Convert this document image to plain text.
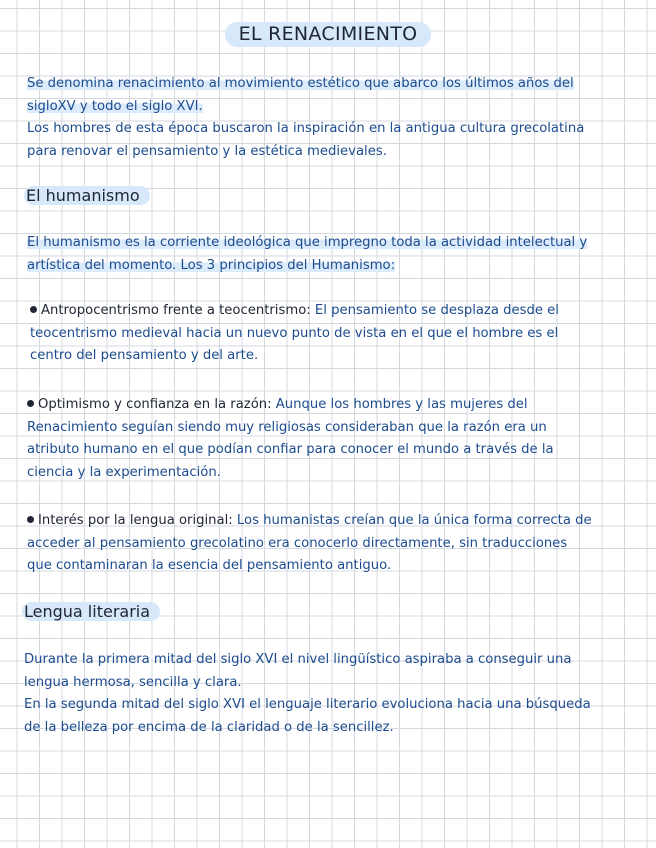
EL RENACIMIENTO

Se denomina renacimiento al movimiento estético que abarco los últimos años del
sigloXV y todo el siglo XVI.
Los hombres de esta época buscaron la inspiración en la antigua cultura grecolatina
para renovar el pensamiento y la estética medievales.

El humanismo

El humanismo es la corriente ideológica que impregno toda la actividad intelectual y
artística del momento. Los 3 principios del Humanismo:

Antropocentrismo frente a teocentrismo: El pensamiento se desplaza desde el
teocentrismo medieval hacia un nuevo punto de vista en el que el hombre es el
centro del pensamiento y del arte.
Optimismo y confianza en la razón: Aunque los hombres y las mujeres del
Renacimiento seguían siendo muy religiosas consideraban que la razón era un
atributo humano en el que podían confiar para conocer el mundo a través de la
ciencia y la experimentación.
Interés por la lengua original: Los humanistas creían que la única forma correcta de
acceder al pensamiento grecolatino era conocerlo directamente, sin traducciones
que contaminaran la esencia del pensamiento antiguo.
Lengua literaria

Durante la primera mitad del siglo XVI el nivel lingüístico aspiraba a conseguir una
lengua hermosa, sencilla y clara.
En la segunda mitad del siglo XVI el lenguaje literario evoluciona hacia una búsqueda
de la belleza por encima de la claridad o de la sencillez.
